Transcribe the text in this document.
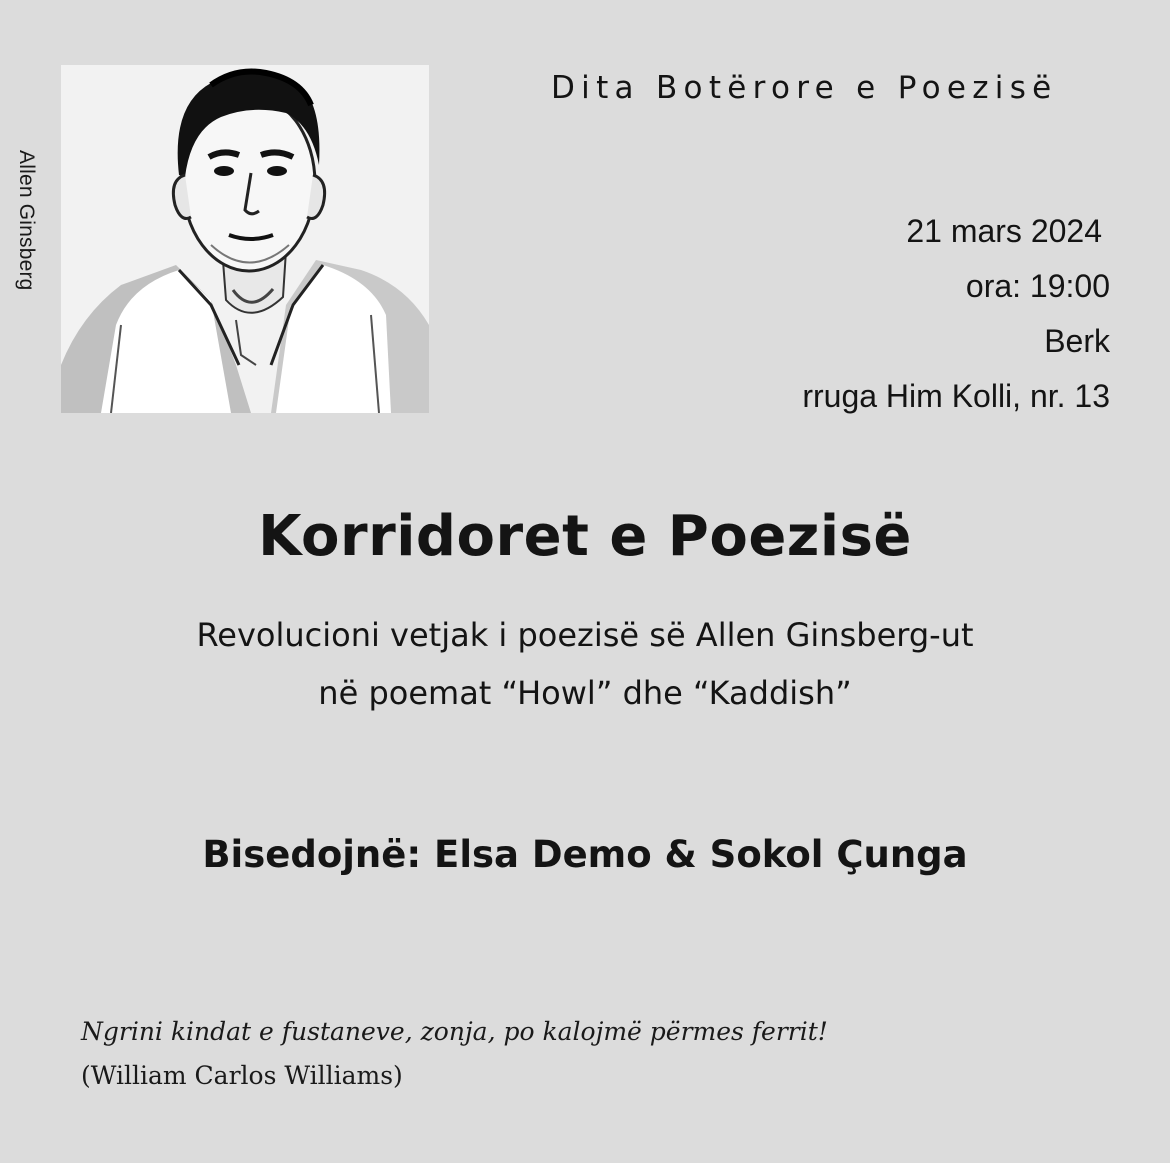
Allen Ginsberg
Dita Botërore e Poezisë
21 mars 2024
ora: 19:00
Berk
rruga Him Kolli, nr. 13
Korridoret e Poezisë
Revolucioni vetjak i poezisë së Allen Ginsberg-ut
në poemat “Howl” dhe “Kaddish”
Bisedojnë: Elsa Demo & Sokol Çunga
Ngrini kindat e fustaneve, zonja, po kalojmë përmes ferrit!
(William Carlos Williams)
